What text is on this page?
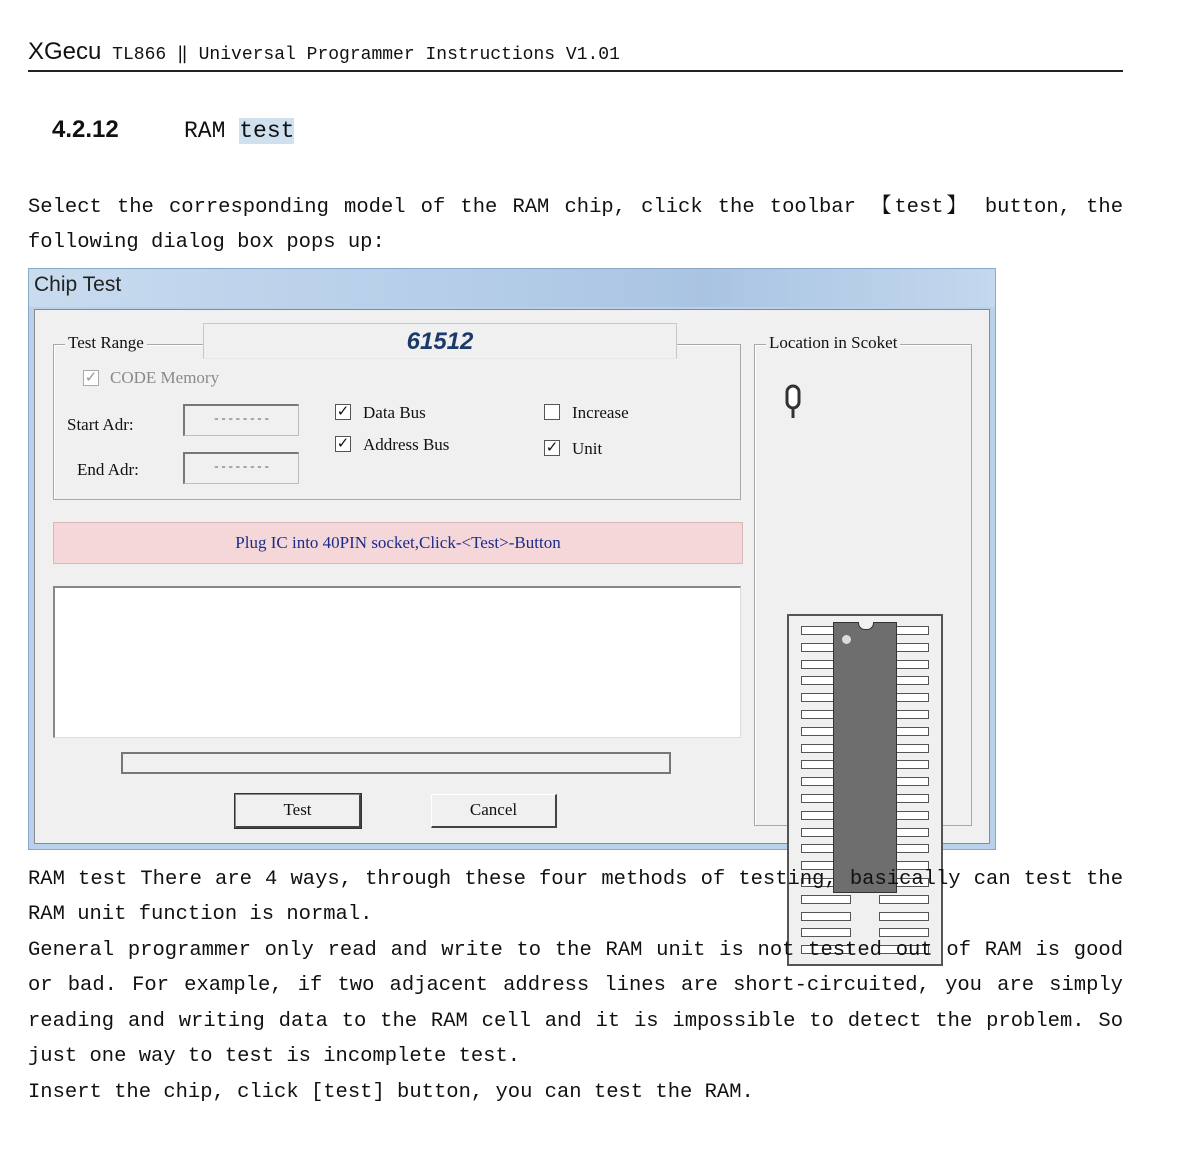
XGecu TL866 ‖ Universal Programmer Instructions V1.01
4.2.12	RAM test
Select the corresponding model of the RAM chip, click the toolbar 【test】 button, the following dialog box pops up:
Chip Test
Test Range	61512
✓ CODE Memory
Start Adr:	--------
End Adr:	--------
✓ Data Bus
✓ Address Bus
Increase
✓ Unit
Plug IC into 40PIN socket,Click-<Test>-Button
Test	Cancel
Location in Scoket
RAM test There are 4 ways, through these four methods of testing, basically can test the RAM unit function is normal.
General programmer only read and write to the RAM unit is not tested out of RAM is good or bad. For example, if two adjacent address lines are short-circuited, you are simply reading and writing data to the RAM cell and it is impossible to detect the problem. So just one way to test is incomplete test.
Insert the chip, click [test] button, you can test the RAM.
